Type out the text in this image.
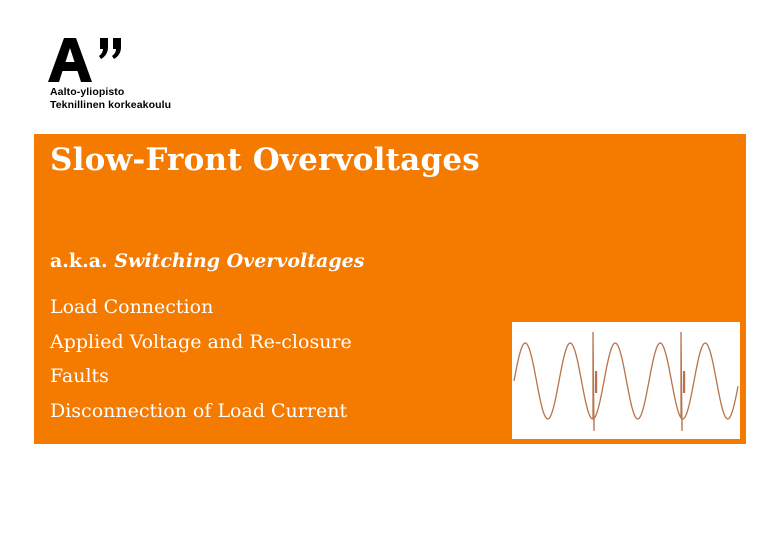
Aalto-yliopisto
Teknillinen korkeakoulu
Slow-Front Overvoltages
a.k.a. Switching Overvoltages
Load Connection
Applied Voltage and Re-closure
Faults
Disconnection of Load Current
